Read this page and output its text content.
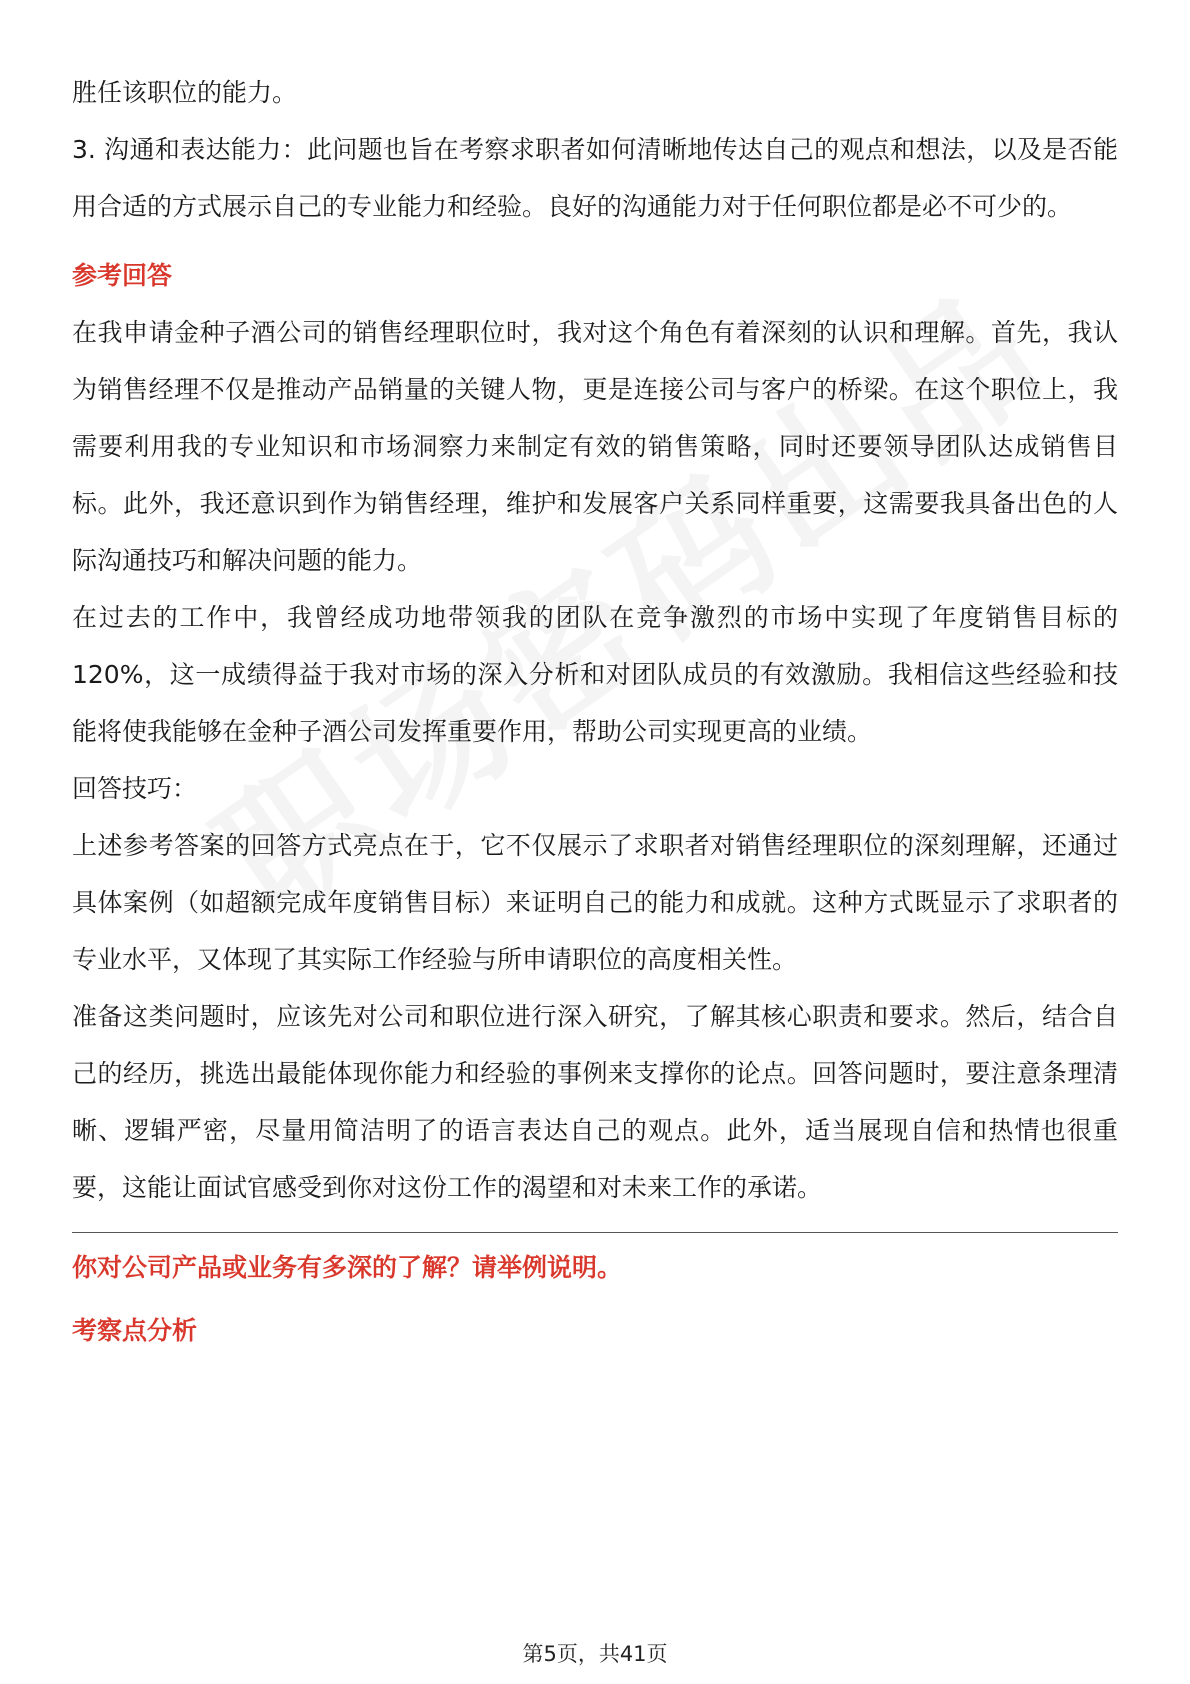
胜任该职位的能力。

3. 沟通和表达能力：此问题也旨在考察求职者如何清晰地传达自己的观点和想法，以及是否能用合适的方式展示自己的专业能力和经验。良好的沟通能力对于任何职位都是必不可少的。

参考回答

在我申请金种子酒公司的销售经理职位时，我对这个角色有着深刻的认识和理解。首先，我认为销售经理不仅是推动产品销量的关键人物，更是连接公司与客户的桥梁。在这个职位上，我需要利用我的专业知识和市场洞察力来制定有效的销售策略，同时还要领导团队达成销售目标。此外，我还意识到作为销售经理，维护和发展客户关系同样重要，这需要我具备出色的人际沟通技巧和解决问题的能力。

在过去的工作中，我曾经成功地带领我的团队在竞争激烈的市场中实现了年度销售目标的120%，这一成绩得益于我对市场的深入分析和对团队成员的有效激励。我相信这些经验和技能将使我能够在金种子酒公司发挥重要作用，帮助公司实现更高的业绩。

回答技巧：

上述参考答案的回答方式亮点在于，它不仅展示了求职者对销售经理职位的深刻理解，还通过具体案例（如超额完成年度销售目标）来证明自己的能力和成就。这种方式既显示了求职者的专业水平，又体现了其实际工作经验与所申请职位的高度相关性。

准备这类问题时，应该先对公司和职位进行深入研究，了解其核心职责和要求。然后，结合自己的经历，挑选出最能体现你能力和经验的事例来支撑你的论点。回答问题时，要注意条理清晰、逻辑严密，尽量用简洁明了的语言表达自己的观点。此外，适当展现自信和热情也很重要，这能让面试官感受到你对这份工作的渴望和对未来工作的承诺。

你对公司产品或业务有多深的了解？请举例说明。
考察点分析
第5页，共41页
